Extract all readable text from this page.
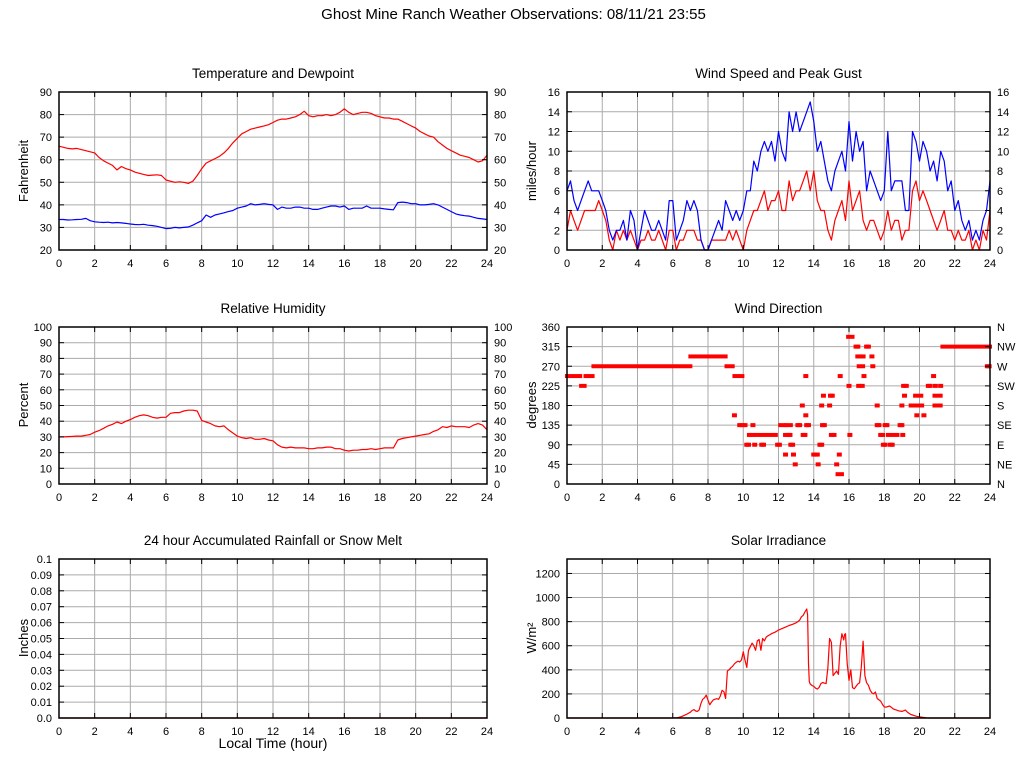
Ghost Mine Ranch Weather Observations: 08/11/21 23:55
Temperature and Dewpoint	Wind Speed and Peak Gust
Relative Humidity	Wind Direction
24 hour Accumulated Rainfall or Snow Melt	Solar Irradiance
Fahrenheit	miles/hour
Percent	degrees
Inches	W/m²
0	2	4	6	8 10 12 14 16 18 20 22 24
20	20
30	30
40	40
50	50
60	60
70	70
80	80
90	90
0	2	4	6	8 10 12 14 16 18 20 22 24
0	0
2	2
4	4
6	6
8	8
10	10
12	12
14	14
16	16
0	2	4	6	8 10 12 14 16 18 20 22 24
0	0
10	10
20	20
30	30
40	40
50	50
60	60
70	70
80	80
90	90
100	100
0	2	4	6	8 10 12 14 16 18 20 22 24
0	N
45	NE
90	E
135	SE
180	S
225	SW
270	W
315	NW
360	N
0	2	4	6	8 10 12 14 16 18 20 22 24
0.0
0.01
0.02
0.03
0.04
0.05
0.06
0.07
0.08
0.09
0.1
0	2	4	6	8 10 12 14 16 18 20 22 24
0
200
400
600
800
1000
1200
Local Time (hour)
